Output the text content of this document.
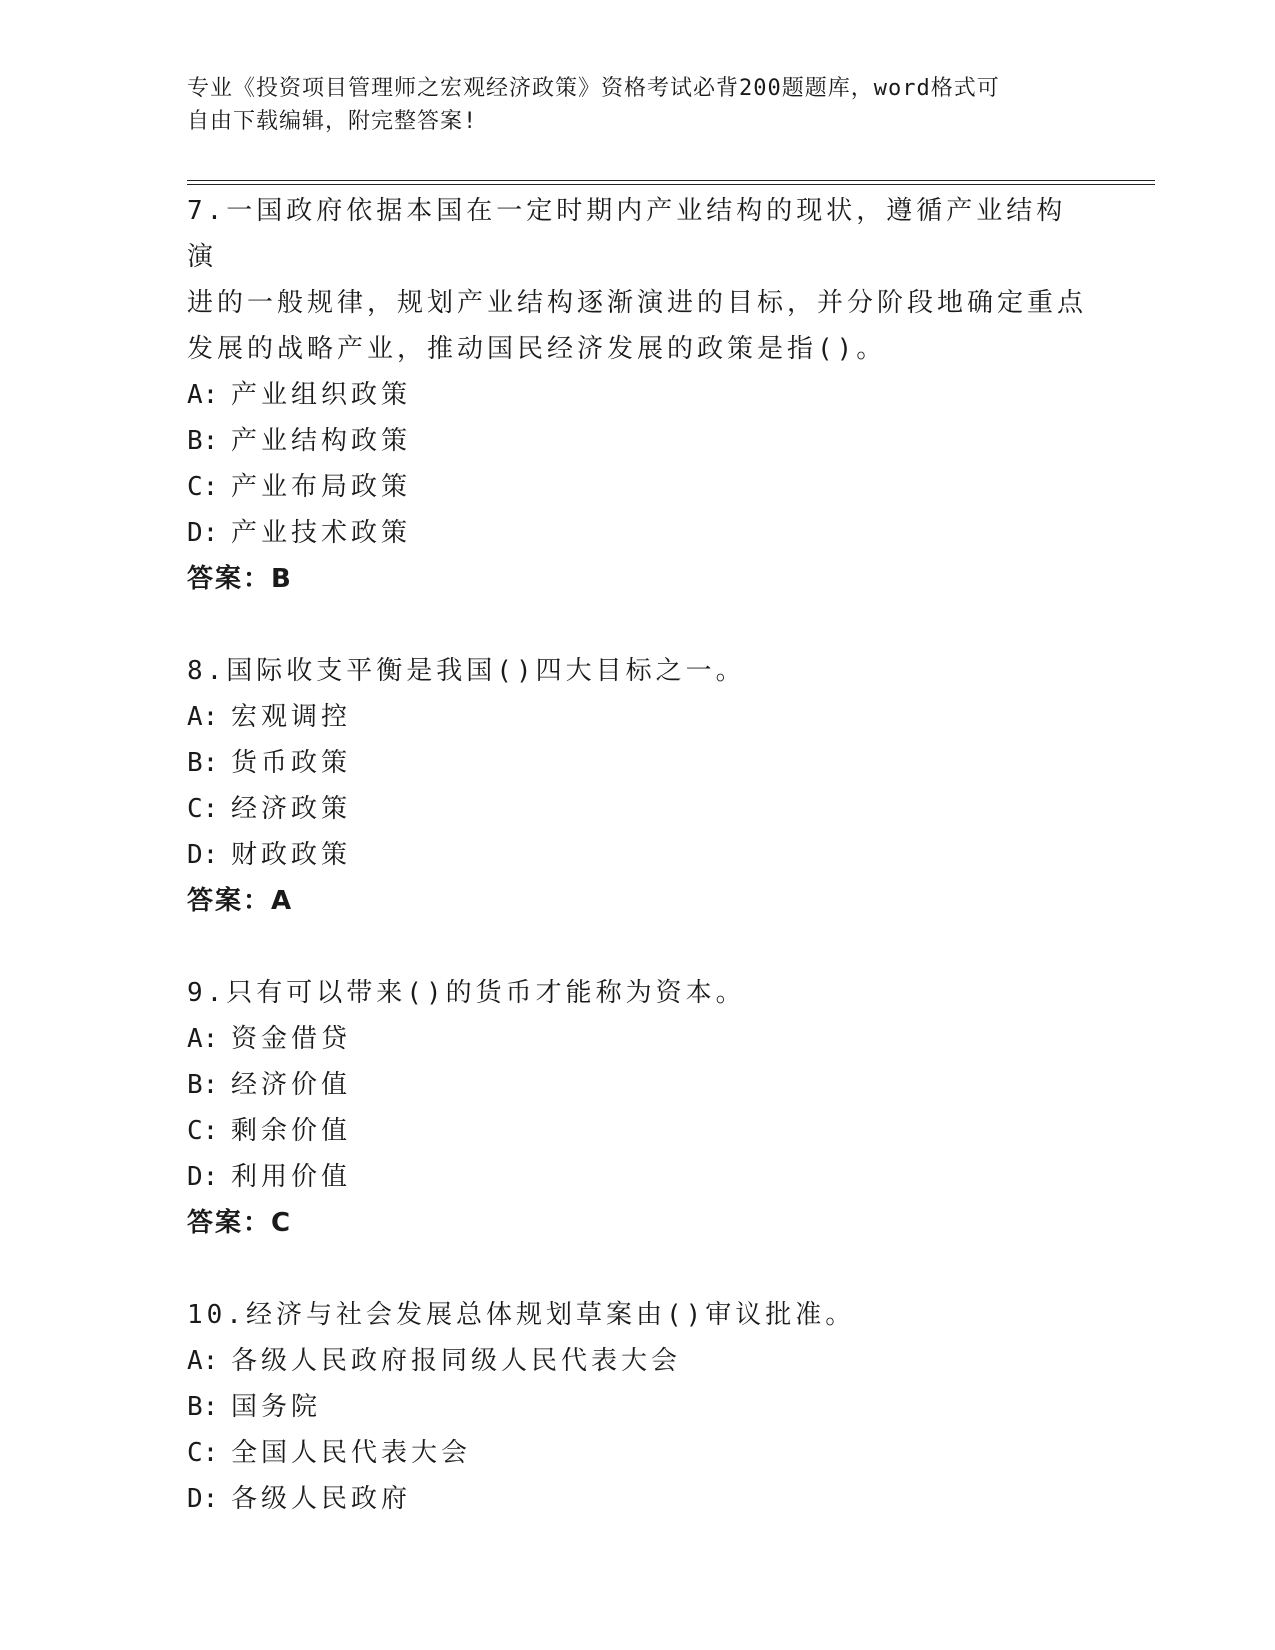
专业《投资项目管理师之宏观经济政策》资格考试必背200题题库，word格式可
自由下载编辑，附完整答案!
7.一国政府依据本国在一定时期内产业结构的现状，遵循产业结构演
进的一般规律，规划产业结构逐渐演进的目标，并分阶段地确定重点
发展的战略产业，推动国民经济发展的政策是指()。
A: 产业组织政策
B: 产业结构政策
C: 产业布局政策
D: 产业技术政策
答案：B
8.国际收支平衡是我国()四大目标之一。
A: 宏观调控
B: 货币政策
C: 经济政策
D: 财政政策
答案：A
9.只有可以带来()的货币才能称为资本。
A: 资金借贷
B: 经济价值
C: 剩余价值
D: 利用价值
答案：C
10.经济与社会发展总体规划草案由()审议批准。
A: 各级人民政府报同级人民代表大会
B: 国务院
C: 全国人民代表大会
D: 各级人民政府
